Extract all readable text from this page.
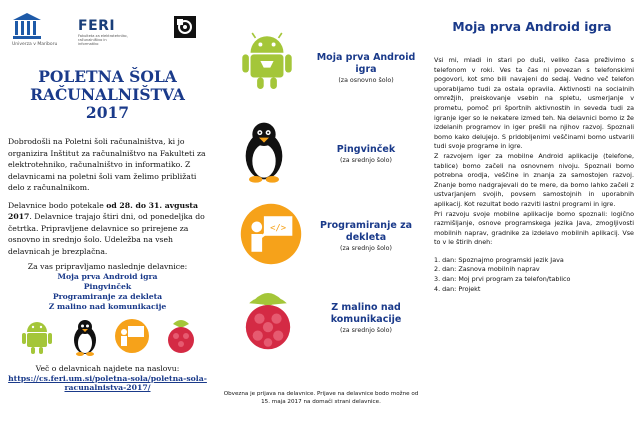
Univerza v Mariboru
FERI
Fakulteta za elektrotehniko, računalništvo in informatiko
POLETNA ŠOLA
RAČUNALNIŠTVA 2017

Dobrodošli na Poletni šoli računalništva, ki jo organizira Inštitut za računalništvo na Fakulteti za elektrotehniko, računalništvo in informatiko. Z delavnicami na poletni šoli vam želimo približati delo z računalnikom.

Delavnice bodo potekale od 28. do 31. avgusta 2017. Delavnice trajajo štiri dni, od ponedeljka do četrtka. Pripravljene delavnice so prirejene za osnovno in srednjo šolo. Udeležba na vseh delavnicah je brezplačna.

Za vas pripravljamo naslednje delavnice:
Moja prva Android igra
Pingvinček
Programiranje za dekleta
Z malino nad komunikacije
Več o delavnicah najdete na naslovu:
https://cs.feri.um.si/poletna-sola/poletna-sola-racunalnistva-2017/
Moja prva Android igra
(za osnovno šolo)
Pingvinček
(za srednjo šolo)
</>	Programiranje za dekleta
(za srednjo šolo)
Z malino nad komunikacije
(za srednjo šolo)
Obvezna je prijava na delavnice. Prijave na delavnice bodo možne od 15. maja 2017 na domači strani delavnice.
Moja prva Android igra

Vsi mi, mladi in stari po duši, veliko časa preživimo s telefonom v roki. Ves ta čas ni povezan s telefonskimi pogovori, kot smo bili navajeni do sedaj. Vedno več telefon uporabljamo tudi za ostala opravila. Aktivnosti na socialnih omrežjih, preiskovanje vsebin na spletu, usmerjanje v prometu, pomoč pri športnih aktivnostih in seveda tudi za igranje iger so le nekatere izmed teh. Na delavnici bomo iz že izdelanih programov in iger prešli na njihov razvoj. Spoznali bomo kako delujejo. S pridobljenimi veščinami bomo ustvarili tudi svoje programe in igre.

Z razvojem iger za mobilne Android aplikacije (telefone, tablice) bomo začeli na osnovnem nivoju. Spoznali bomo potrebna orodja, veščine in znanja za samostojen razvoj. Znanje bomo nadgrajevali do te mere, da bomo lahko začeli z ustvarjanjem svojih, povsem samostojnih in uporabnih aplikacij. Kot rezultat bodo razviti lastni programi in igre.

Pri razvoju svoje mobilne aplikacije bomo spoznali: logično razmišljanje, osnove programskega jezika Java, zmogljivosti mobilnih naprav, gradnike za izdelavo mobilnih aplikacij. Vse to v le štirih dneh:

1. dan: Spoznajmo programski jezik Java
2. dan: Zasnova mobilnih naprav
3. dan: Moj prvi program za telefon/tablico
4. dan: Projekt
